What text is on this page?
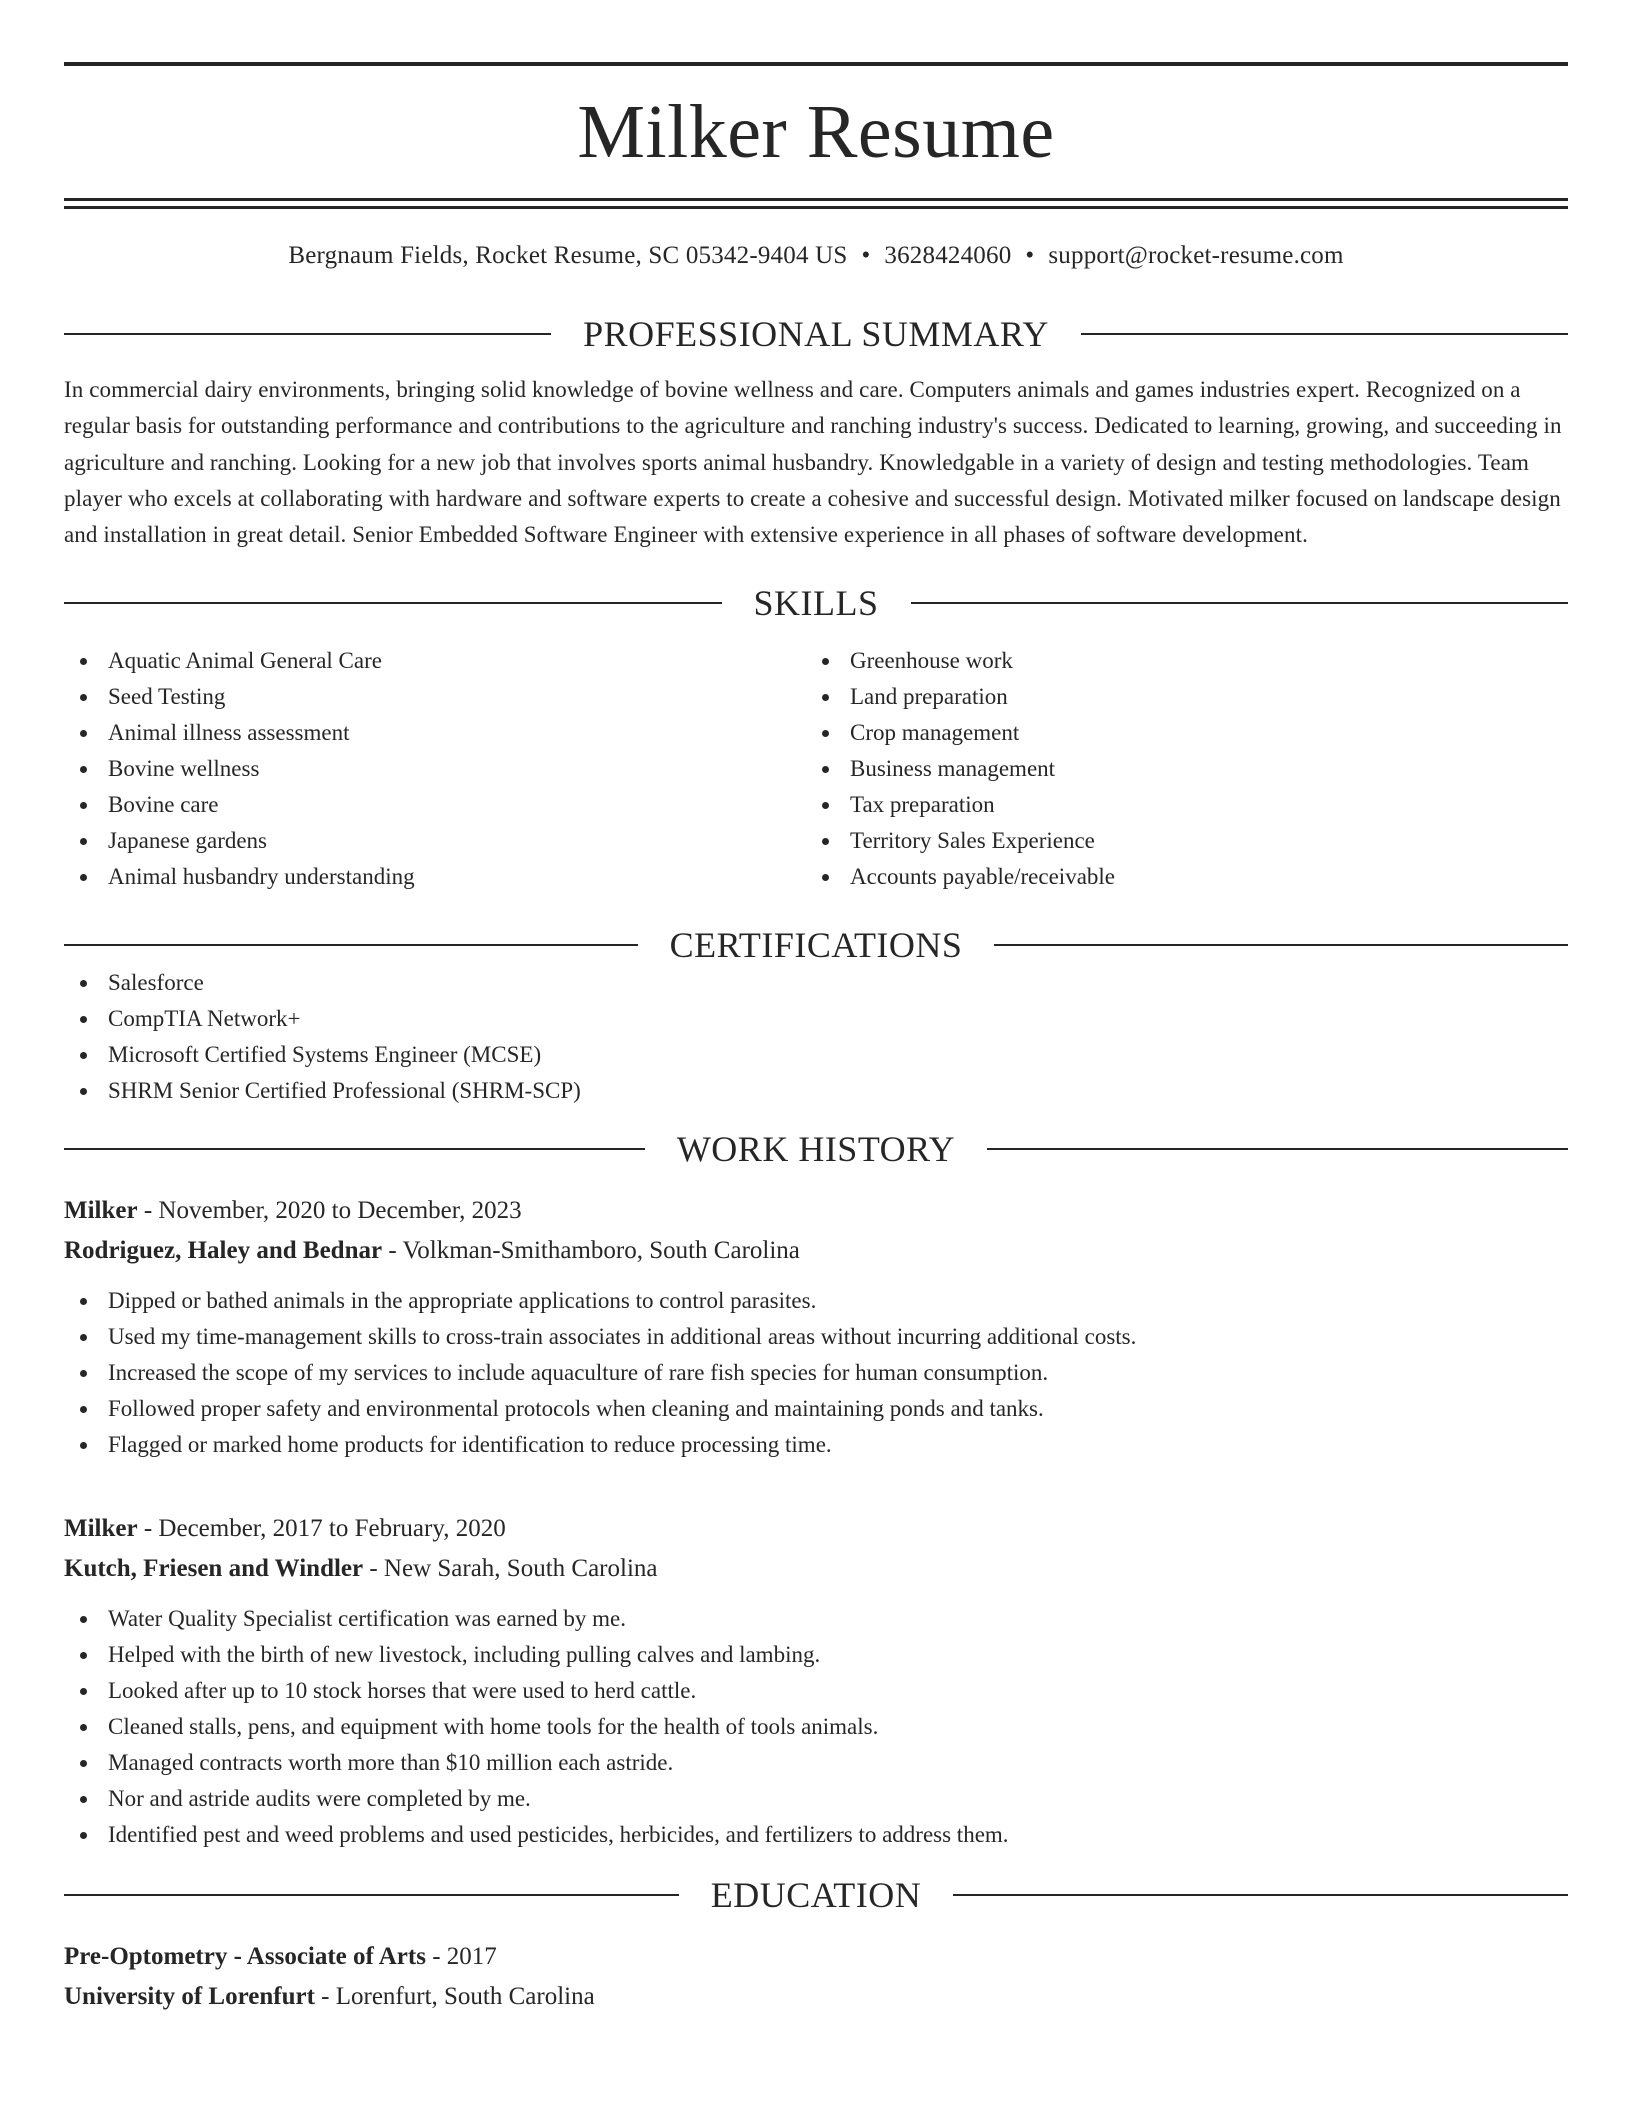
Milker Resume
Bergnaum Fields, Rocket Resume, SC 05342-9404 US • 3628424060 • support@rocket-resume.com
PROFESSIONAL SUMMARY
In commercial dairy environments, bringing solid knowledge of bovine wellness and care. Computers animals and games industries expert. Recognized on a regular basis for outstanding performance and contributions to the agriculture and ranching industry's success. Dedicated to learning, growing, and succeeding in agriculture and ranching. Looking for a new job that involves sports animal husbandry. Knowledgable in a variety of design and testing methodologies. Team player who excels at collaborating with hardware and software experts to create a cohesive and successful design. Motivated milker focused on landscape design and installation in great detail. Senior Embedded Software Engineer with extensive experience in all phases of software development.
SKILLS
Aquatic Animal General Care
Seed Testing
Animal illness assessment
Bovine wellness
Bovine care
Japanese gardens
Animal husbandry understanding
Greenhouse work
Land preparation
Crop management
Business management
Tax preparation
Territory Sales Experience
Accounts payable/receivable
CERTIFICATIONS
Salesforce
CompTIA Network+
Microsoft Certified Systems Engineer (MCSE)
SHRM Senior Certified Professional (SHRM-SCP)
WORK HISTORY
Milker - November, 2020 to December, 2023
Rodriguez, Haley and Bednar - Volkman-Smithamboro, South Carolina
Dipped or bathed animals in the appropriate applications to control parasites.
Used my time-management skills to cross-train associates in additional areas without incurring additional costs.
Increased the scope of my services to include aquaculture of rare fish species for human consumption.
Followed proper safety and environmental protocols when cleaning and maintaining ponds and tanks.
Flagged or marked home products for identification to reduce processing time.
Milker - December, 2017 to February, 2020
Kutch, Friesen and Windler - New Sarah, South Carolina
Water Quality Specialist certification was earned by me.
Helped with the birth of new livestock, including pulling calves and lambing.
Looked after up to 10 stock horses that were used to herd cattle.
Cleaned stalls, pens, and equipment with home tools for the health of tools animals.
Managed contracts worth more than $10 million each astride.
Nor and astride audits were completed by me.
Identified pest and weed problems and used pesticides, herbicides, and fertilizers to address them.
EDUCATION
Pre-Optometry - Associate of Arts - 2017
University of Lorenfurt - Lorenfurt, South Carolina
